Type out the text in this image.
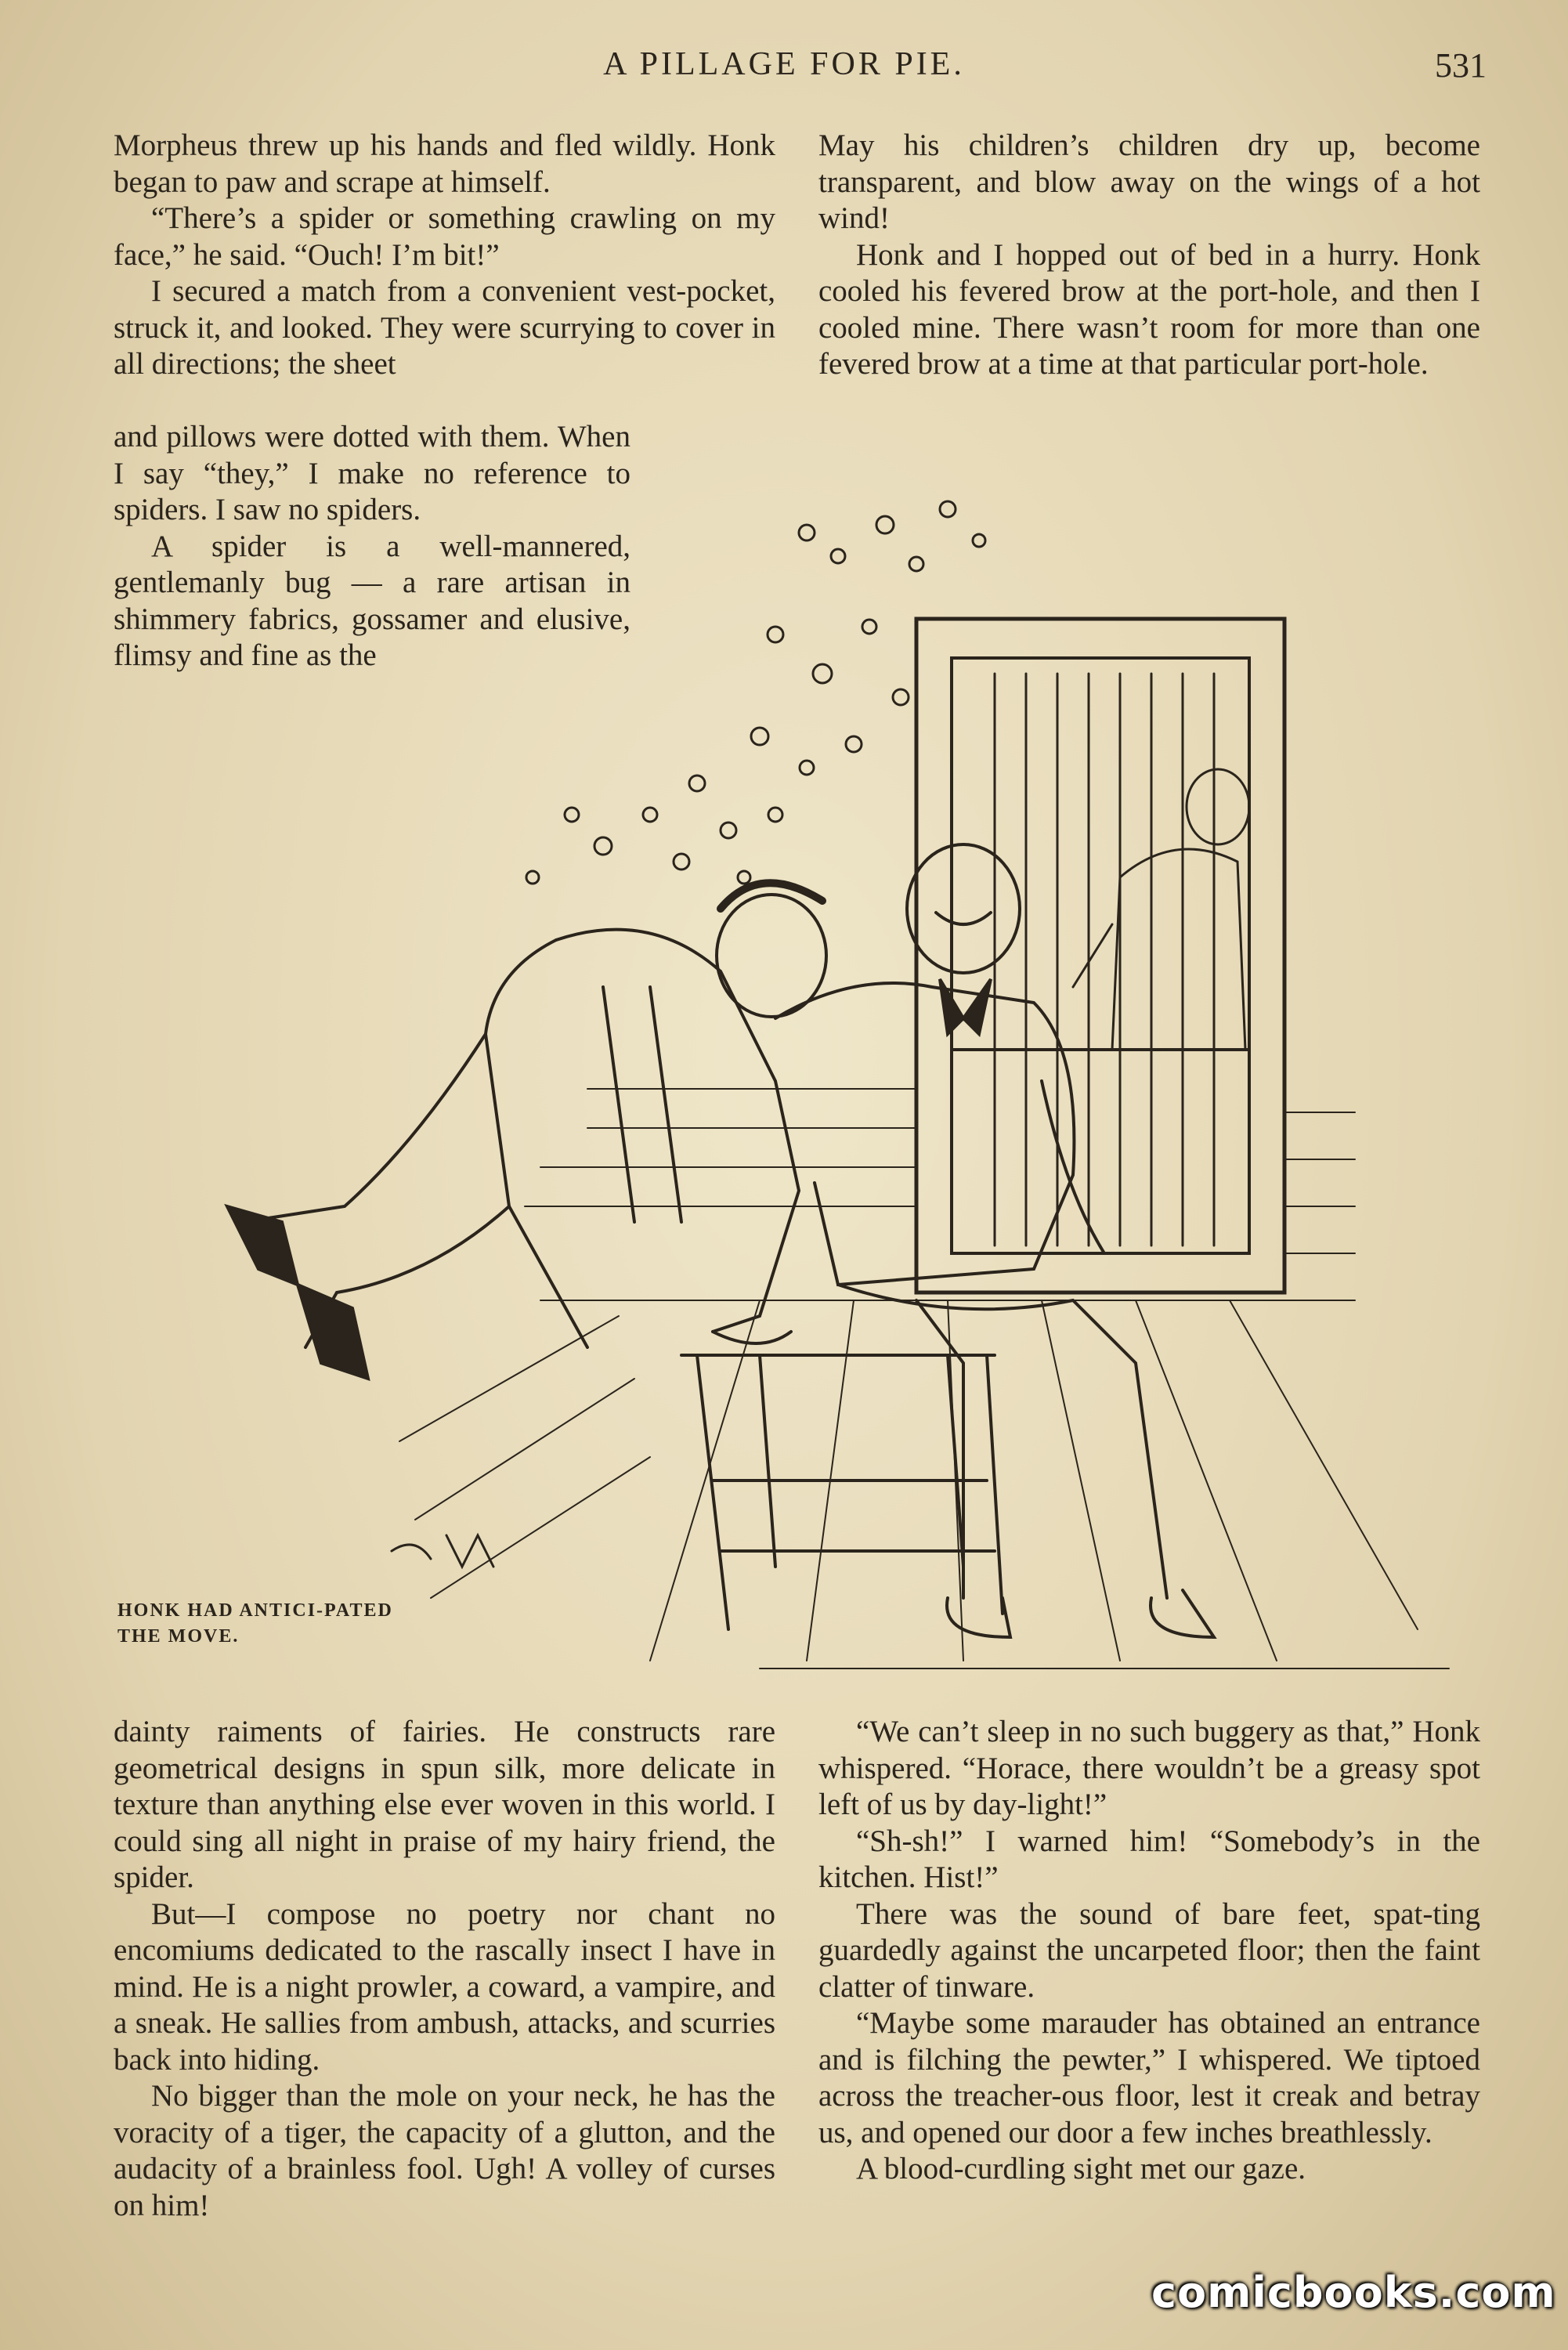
A PILLAGE FOR PIE.	531

Morpheus threw up his hands and fled wildly. Honk began to paw and scrape at himself.

“There’s a spider or something crawling on my face,” he said. “Ouch! I’m bit!”

I secured a match from a convenient vest-pocket, struck it, and looked. They were scurrying to cover in all directions; the sheet

and pillows were dotted with them. When I say “they,” I make no reference to spiders. I saw no spiders.

A spider is a well-mannered, gentlemanly bug — a rare artisan in shimmery fabrics, gossamer and elusive, flimsy and fine as the

May his children’s children dry up, become transparent, and blow away on the wings of a hot wind!

Honk and I hopped out of bed in a hurry. Honk cooled his fevered brow at the port-hole, and then I cooled mine. There wasn’t room for more than one fevered brow at a time at that particular port-hole.

HONK HAD ANTICI-PATED THE MOVE.

dainty raiments of fairies. He constructs rare geometrical designs in spun silk, more delicate in texture than anything else ever woven in this world. I could sing all night in praise of my hairy friend, the spider.

But—I compose no poetry nor chant no encomiums dedicated to the rascally insect I have in mind. He is a night prowler, a coward, a vampire, and a sneak. He sallies from ambush, attacks, and scurries back into hiding.

No bigger than the mole on your neck, he has the voracity of a tiger, the capacity of a glutton, and the audacity of a brainless fool. Ugh! A volley of curses on him!

“We can’t sleep in no such buggery as that,” Honk whispered. “Horace, there wouldn’t be a greasy spot left of us by day-light!”

“Sh-sh!” I warned him! “Somebody’s in the kitchen. Hist!”

There was the sound of bare feet, spat-ting guardedly against the uncarpeted floor; then the faint clatter of tinware.

“Maybe some marauder has obtained an entrance and is filching the pewter,” I whispered. We tiptoed across the treacher-ous floor, lest it creak and betray us, and opened our door a few inches breathlessly.

A blood-curdling sight met our gaze.

comicbooks.com
